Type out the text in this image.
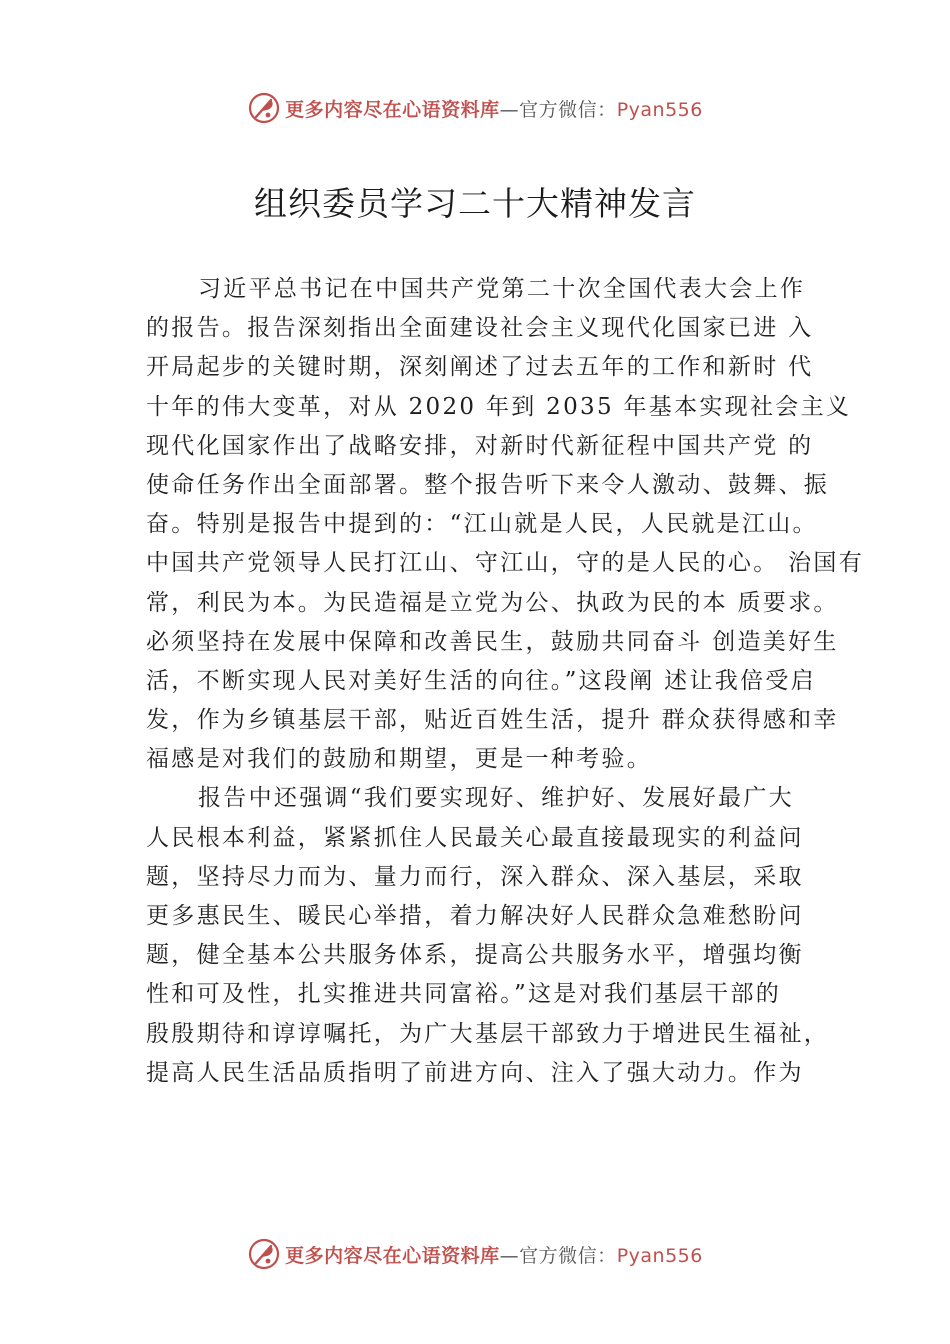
更多内容尽在心语资料库—官方微信：Pyan556
组织委员学习二十大精神发言
习近平总书记在中国共产党第二十次全国代表大会上作
的报告。报告深刻指出全面建设社会主义现代化国家已进 入
开局起步的关键时期，深刻阐述了过去五年的工作和新时 代
十年的伟大变革，对从 2020 年到 2035 年基本实现社会主义
现代化国家作出了战略安排，对新时代新征程中国共产党 的
使命任务作出全面部署。整个报告听下来令人激动、鼓舞、振
奋。特别是报告中提到的：“江山就是人民，人民就是江山。
中国共产党领导人民打江山、守江山，守的是人民的心。 治国有
常，利民为本。为民造福是立党为公、执政为民的本 质要求。
必须坚持在发展中保障和改善民生，鼓励共同奋斗 创造美好生
活，不断实现人民对美好生活的向往。”这段阐 述让我倍受启
发，作为乡镇基层干部，贴近百姓生活，提升 群众获得感和幸
福感是对我们的鼓励和期望，更是一种考验。
报告中还强调“我们要实现好、维护好、发展好最广大
人民根本利益，紧紧抓住人民最关心最直接最现实的利益问
题，坚持尽力而为、量力而行，深入群众、深入基层，采取
更多惠民生、暖民心举措，着力解决好人民群众急难愁盼问
题，健全基本公共服务体系，提高公共服务水平，增强均衡
性和可及性，扎实推进共同富裕。”这是对我们基层干部的
殷殷期待和谆谆嘱托，为广大基层干部致力于增进民生福祉，
提高人民生活品质指明了前进方向、注入了强大动力。作为
更多内容尽在心语资料库—官方微信：Pyan556
